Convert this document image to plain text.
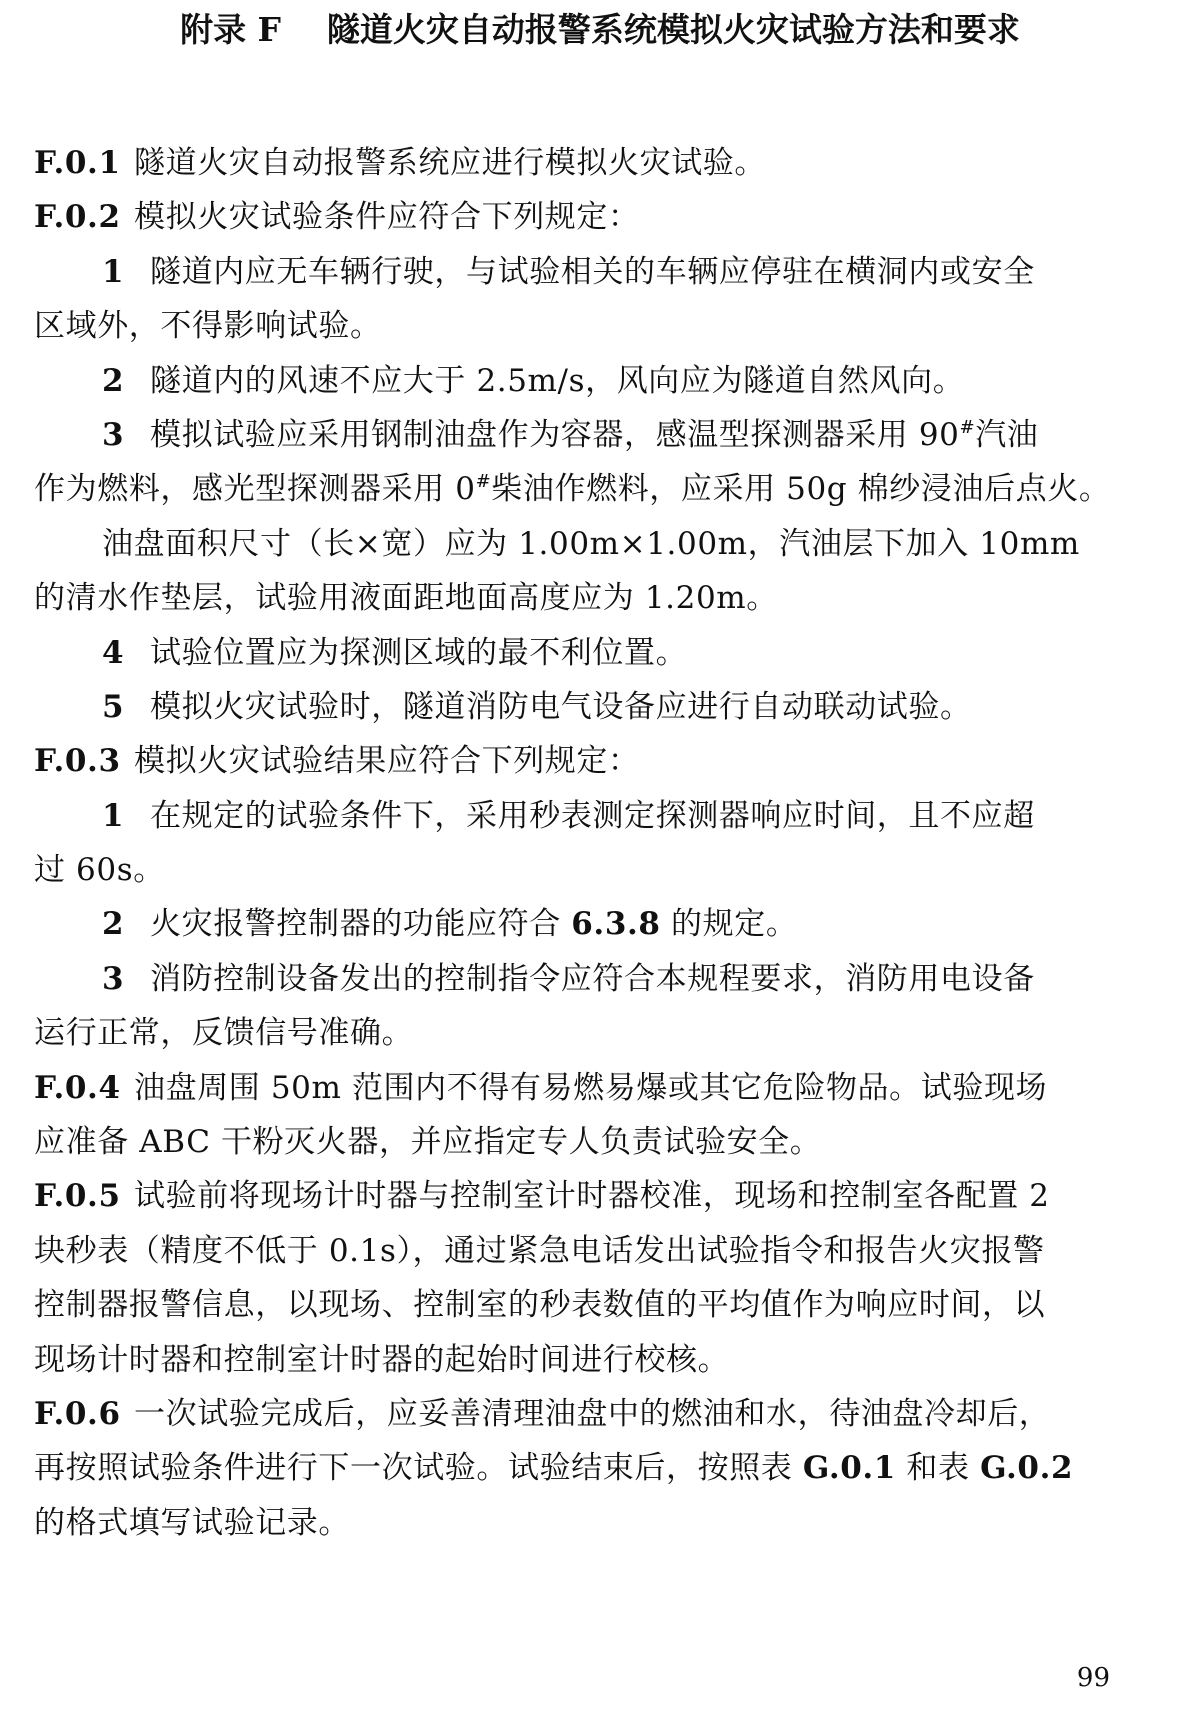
附录 F    隧道火灾自动报警系统模拟火灾试验方法和要求
F.0.1 隧道火灾自动报警系统应进行模拟火灾试验。
F.0.2 模拟火灾试验条件应符合下列规定：
1 隧道内应无车辆行驶，与试验相关的车辆应停驻在横洞内或安全
区域外，不得影响试验。
2 隧道内的风速不应大于 2.5m/s，风向应为隧道自然风向。
3 模拟试验应采用钢制油盘作为容器，感温型探测器采用 90#汽油
作为燃料，感光型探测器采用 0#柴油作燃料，应采用 50g 棉纱浸油后点火。
油盘面积尺寸（长×宽）应为 1.00m×1.00m，汽油层下加入 10mm
的清水作垫层，试验用液面距地面高度应为 1.20m。
4 试验位置应为探测区域的最不利位置。
5 模拟火灾试验时，隧道消防电气设备应进行自动联动试验。
F.0.3 模拟火灾试验结果应符合下列规定：
1 在规定的试验条件下，采用秒表测定探测器响应时间，且不应超
过 60s。
2 火灾报警控制器的功能应符合 6.3.8 的规定。
3 消防控制设备发出的控制指令应符合本规程要求，消防用电设备
运行正常，反馈信号准确。
F.0.4 油盘周围 50m 范围内不得有易燃易爆或其它危险物品。试验现场
应准备 ABC 干粉灭火器，并应指定专人负责试验安全。
F.0.5 试验前将现场计时器与控制室计时器校准，现场和控制室各配置 2
块秒表（精度不低于 0.1s），通过紧急电话发出试验指令和报告火灾报警
控制器报警信息，以现场、控制室的秒表数值的平均值作为响应时间，以
现场计时器和控制室计时器的起始时间进行校核。
F.0.6 一次试验完成后，应妥善清理油盘中的燃油和水，待油盘冷却后，
再按照试验条件进行下一次试验。试验结束后，按照表 G.0.1 和表 G.0.2
的格式填写试验记录。
99
